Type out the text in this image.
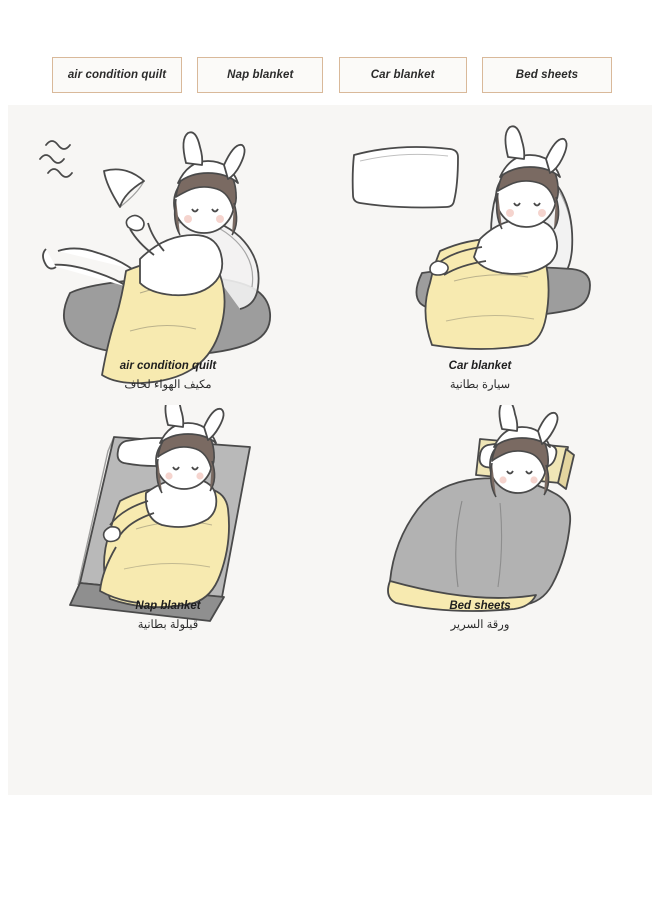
air condition quilt	Nap blanket	Car blanket	Bed sheets
air condition quilt
مكيف الهواء لحاف
Car blanket
سيارة بطانية
Nap blanket
قيلولة بطانية
Bed sheets
ورقة السرير
